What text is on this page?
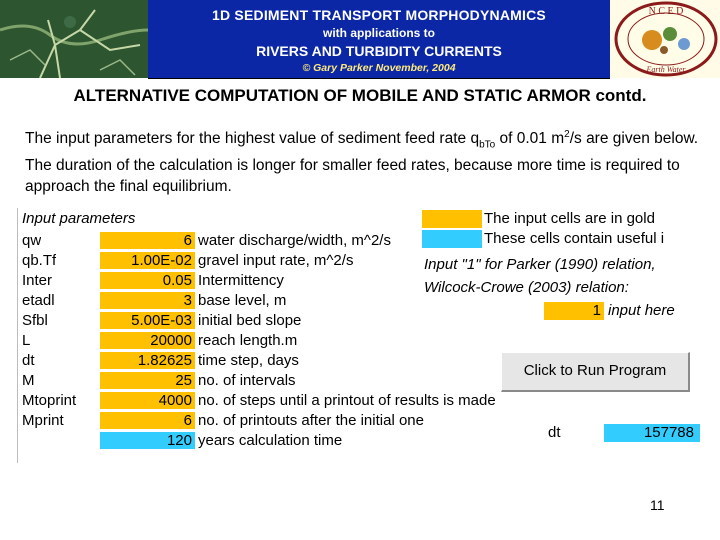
1D SEDIMENT TRANSPORT MORPHODYNAMICS
with applications to
RIVERS AND TURBIDITY CURRENTS
© Gary Parker November, 2004
N C E D
Earth Water
ALTERNATIVE COMPUTATION OF MOBILE AND STATIC ARMOR contd.
The input parameters for the highest value of sediment feed rate $q_{bTo}$ of 0.01 $m^2/s$ are given below. The duration of the calculation is longer for smaller feed rates, because more time is required to approach the final equilibrium.
Input parameters	The input cells are in gold
These cells contain useful i
Input "1" for Parker (1990) relation,
Wilcock-Crowe (2003) relation:
1 input here
Click to Run Program
dt	157788
qw	6 water discharge/width, m^2/s
qb.Tf	1.00E-02 gravel input rate, m^2/s
Inter	0.05 Intermittency
etadl	3 base level, m
Sfbl	5.00E-03 initial bed slope
L	20000 reach length.m
dt	1.82625 time step, days
M	25 no. of intervals
Mtoprint	4000 no. of steps until a printout of results is made
Mprint	6 no. of printouts after the initial one
120 years calculation time
11
